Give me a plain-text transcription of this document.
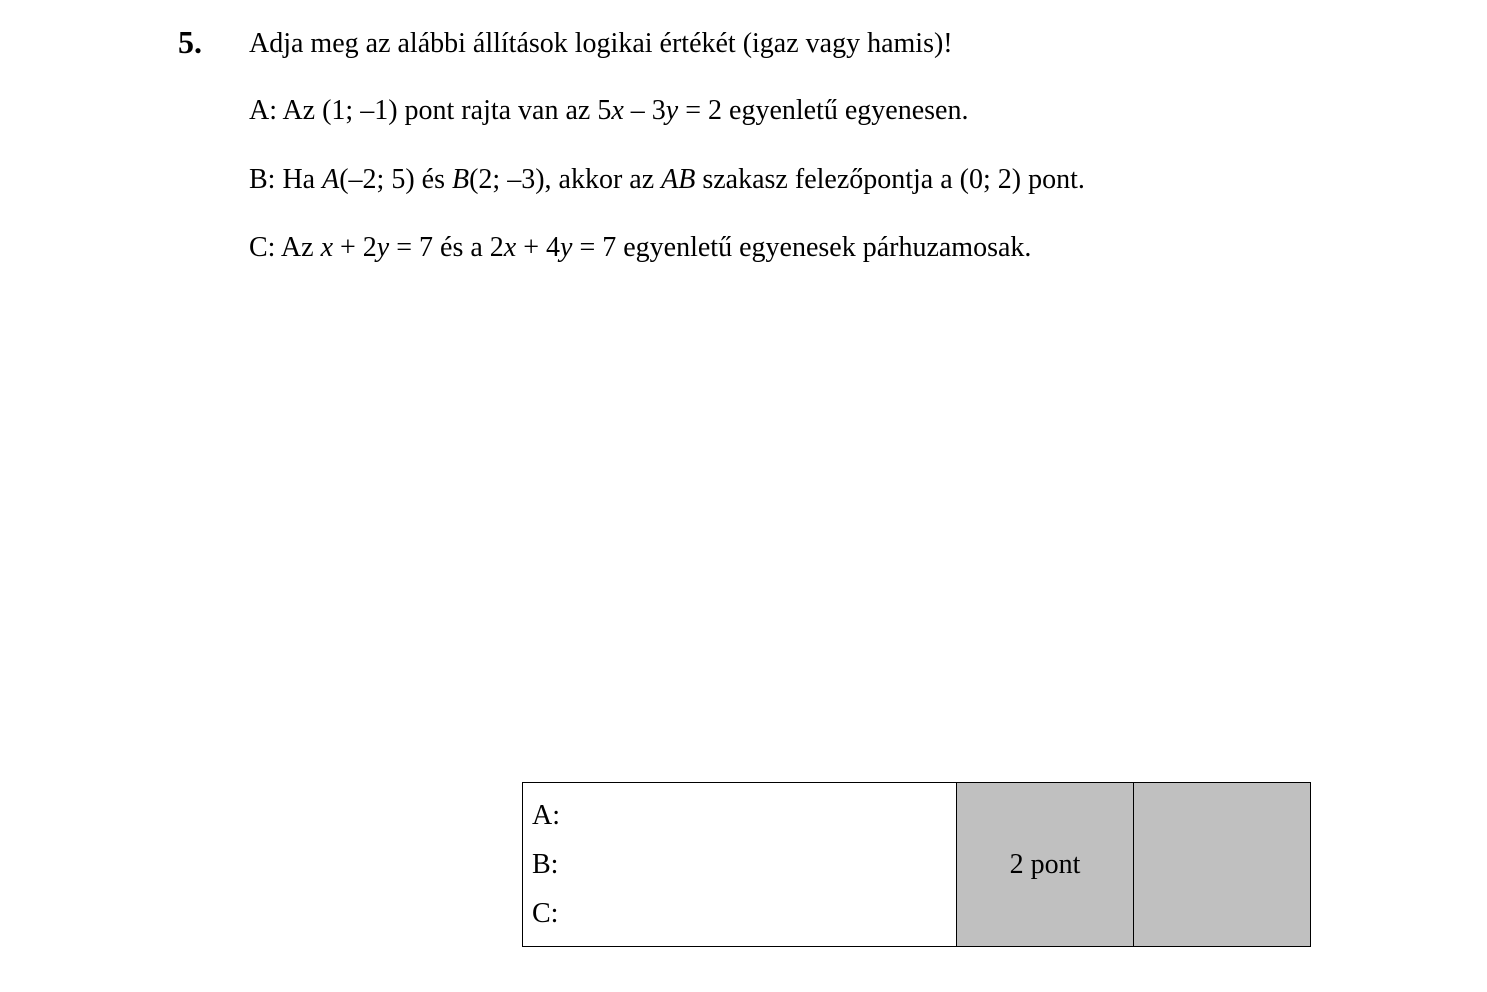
5. Adja meg az alábbi állítások logikai értékét (igaz vagy hamis)!

A: Az (1; –1) pont rajta van az 5x – 3y = 2 egyenletű egyenesen.

B: Ha A(–2; 5) és B(2; –3), akkor az AB szakasz felezőpontja a (0; 2) pont.

C: Az x + 2y = 7 és a 2x + 4y = 7 egyenletű egyenesek párhuzamosak.

A:
B:
C:
	2 pont	
